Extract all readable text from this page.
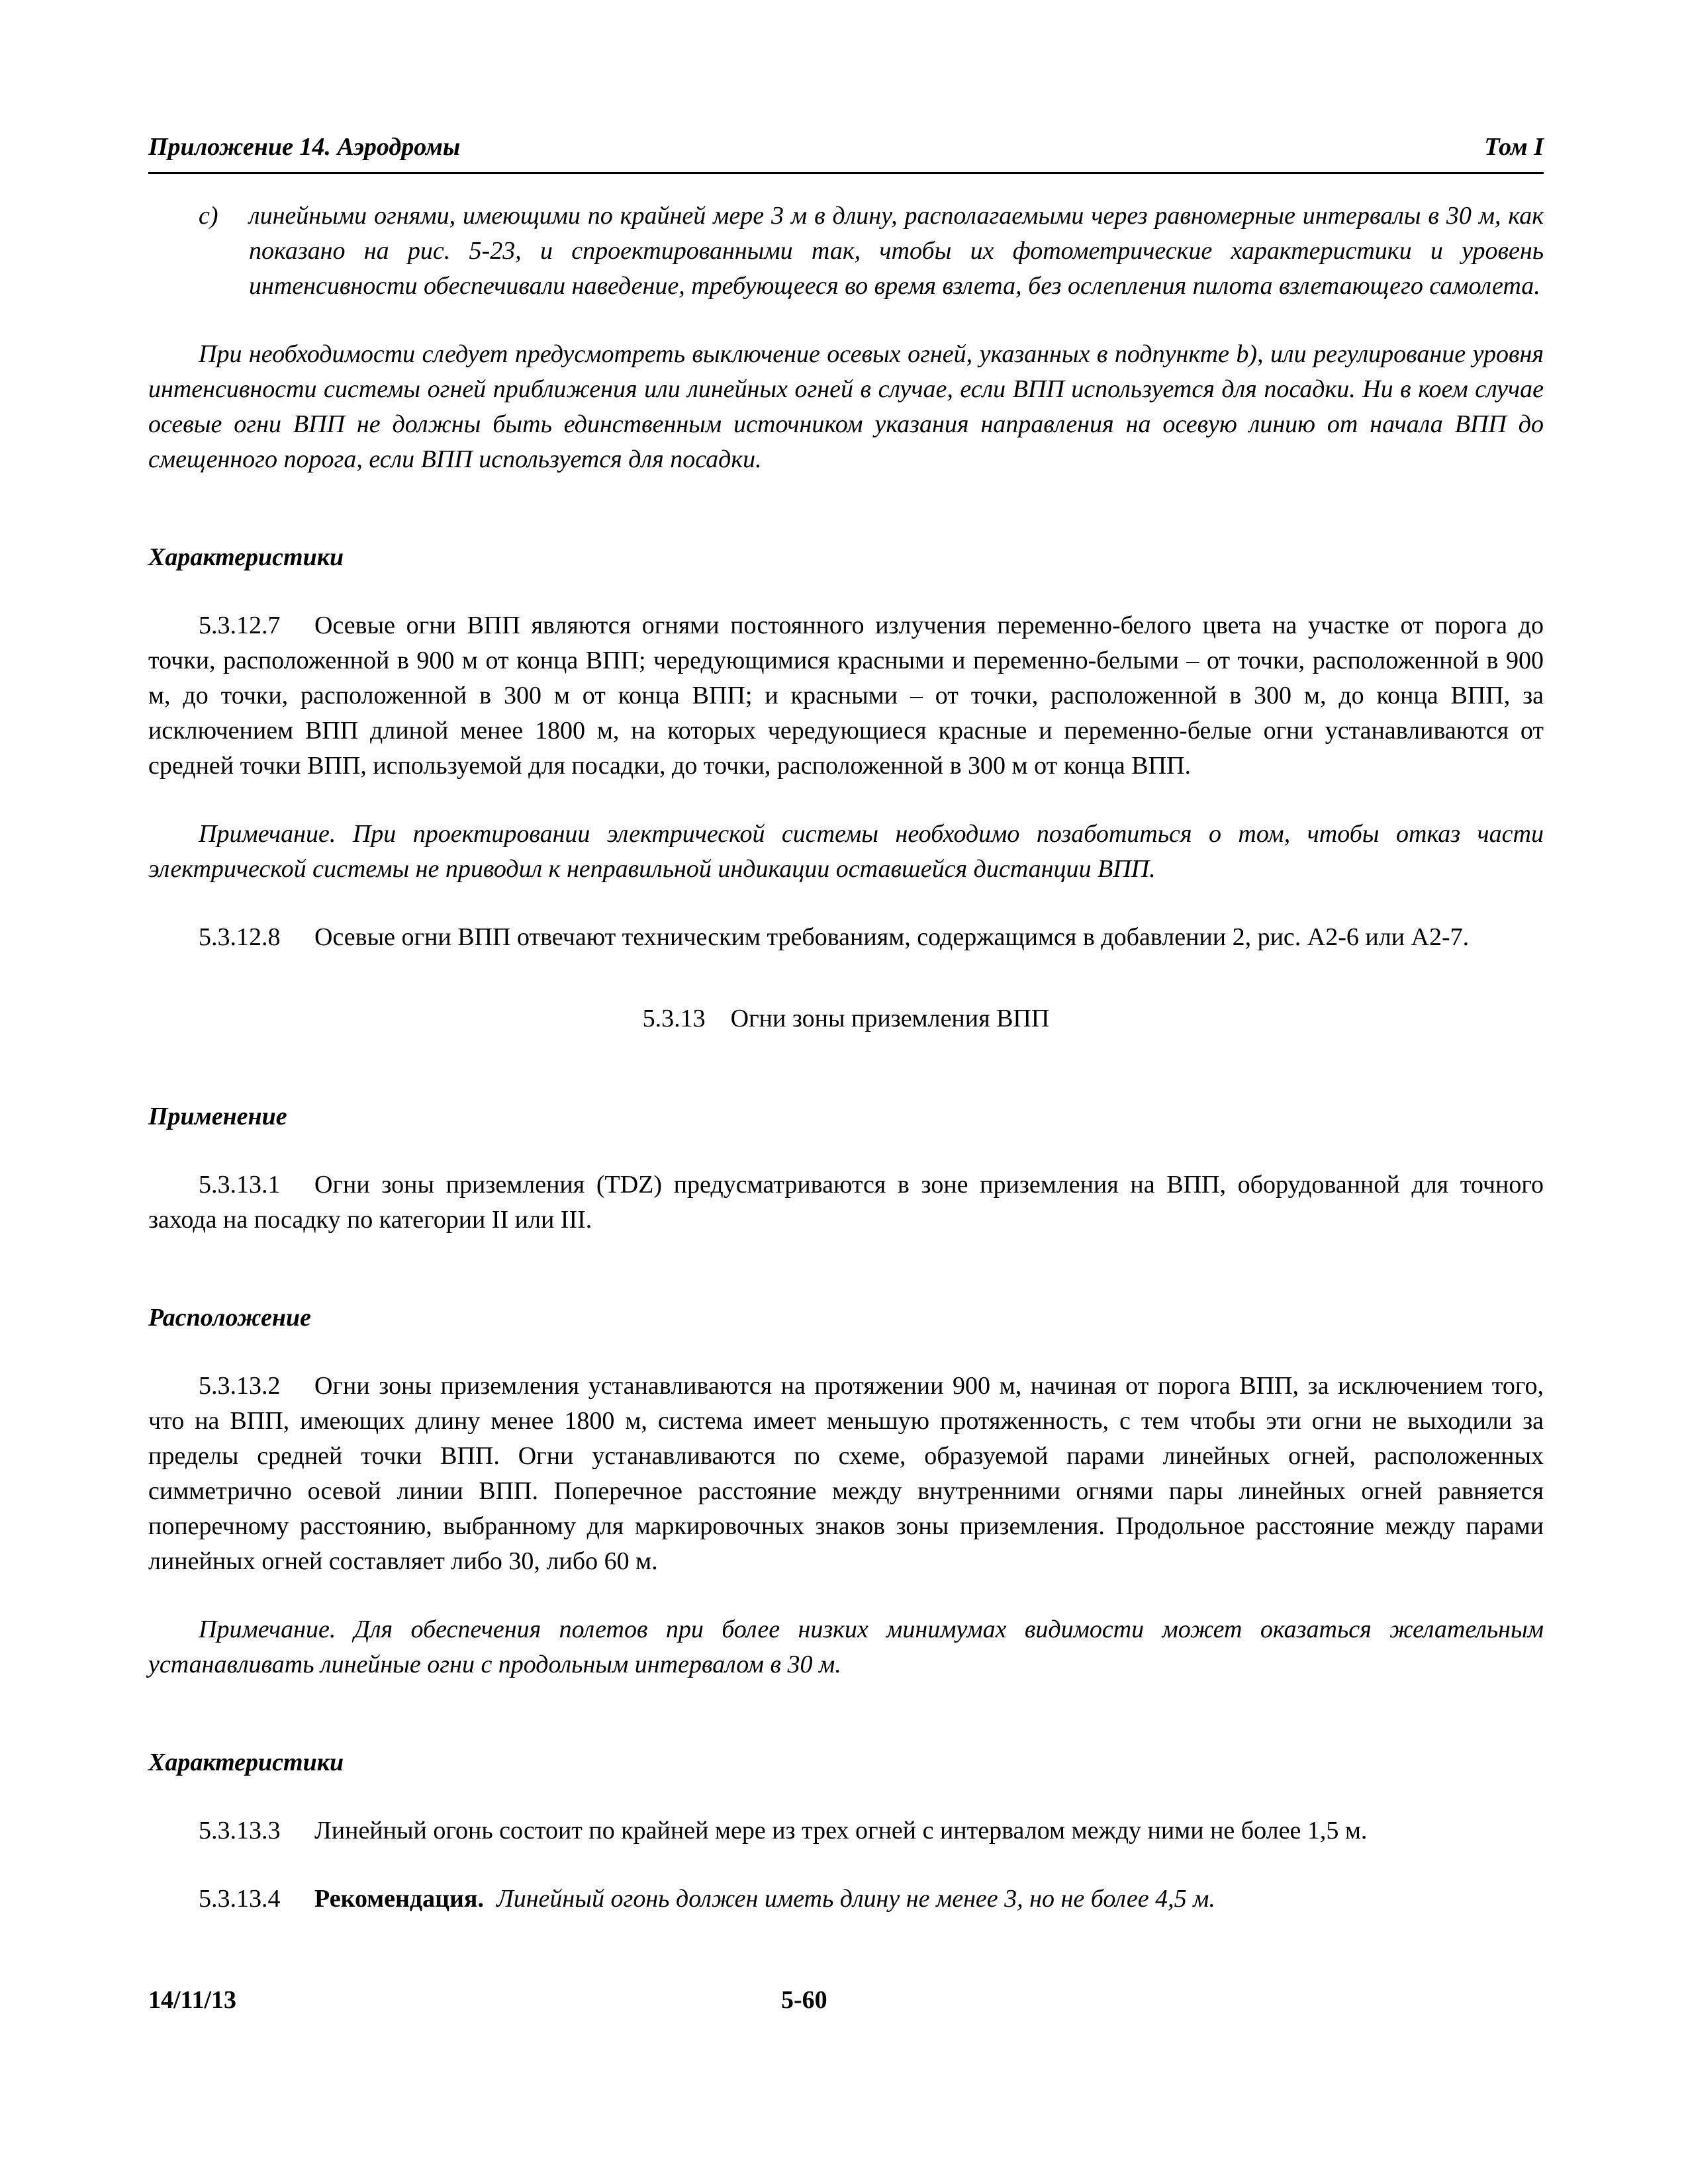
Приложение 14. Аэродромы	Том I

c) линейными огнями, имеющими по крайней мере 3 м в длину, располагаемыми через равномерные интервалы в 30 м, как показано на рис. 5-23, и спроектированными так, чтобы их фотометрические характеристики и уровень интенсивности обеспечивали наведение, требующееся во время взлета, без ослепления пилота взлетающего самолета.

При необходимости следует предусмотреть выключение осевых огней, указанных в подпункте b), или регулирование уровня интенсивности системы огней приближения или линейных огней в случае, если ВПП используется для посадки. Ни в коем случае осевые огни ВПП не должны быть единственным источником указания направления на осевую линию от начала ВПП до смещенного порога, если ВПП используется для посадки.

Характеристики

5.3.12.7 Осевые огни ВПП являются огнями постоянного излучения переменно-белого цвета на участке от порога до точки, расположенной в 900 м от конца ВПП; чередующимися красными и переменно-белыми – от точки, расположенной в 900 м, до точки, расположенной в 300 м от конца ВПП; и красными – от точки, расположенной в 300 м, до конца ВПП, за исключением ВПП длиной менее 1800 м, на которых чередующиеся красные и переменно-белые огни устанавливаются от средней точки ВПП, используемой для посадки, до точки, расположенной в 300 м от конца ВПП.

Примечание. При проектировании электрической системы необходимо позаботиться о том, чтобы отказ части электрической системы не приводил к неправильной индикации оставшейся дистанции ВПП.

5.3.12.8 Осевые огни ВПП отвечают техническим требованиям, содержащимся в добавлении 2, рис. А2-6 или А2-7.

5.3.13 Огни зоны приземления ВПП

Применение

5.3.13.1 Огни зоны приземления (TDZ) предусматриваются в зоне приземления на ВПП, оборудованной для точного захода на посадку по категории II или III.

Расположение

5.3.13.2 Огни зоны приземления устанавливаются на протяжении 900 м, начиная от порога ВПП, за исключением того, что на ВПП, имеющих длину менее 1800 м, система имеет меньшую протяженность, с тем чтобы эти огни не выходили за пределы средней точки ВПП. Огни устанавливаются по схеме, образуемой парами линейных огней, расположенных симметрично осевой линии ВПП. Поперечное расстояние между внутренними огнями пары линейных огней равняется поперечному расстоянию, выбранному для маркировочных знаков зоны приземления. Продольное расстояние между парами линейных огней составляет либо 30, либо 60 м.

Примечание. Для обеспечения полетов при более низких минимумах видимости может оказаться желательным устанавливать линейные огни с продольным интервалом в 30 м.

Характеристики

5.3.13.3 Линейный огонь состоит по крайней мере из трех огней с интервалом между ними не более 1,5 м.

5.3.13.4 Рекомендация. Линейный огонь должен иметь длину не менее 3, но не более 4,5 м.

14/11/13	5-60
